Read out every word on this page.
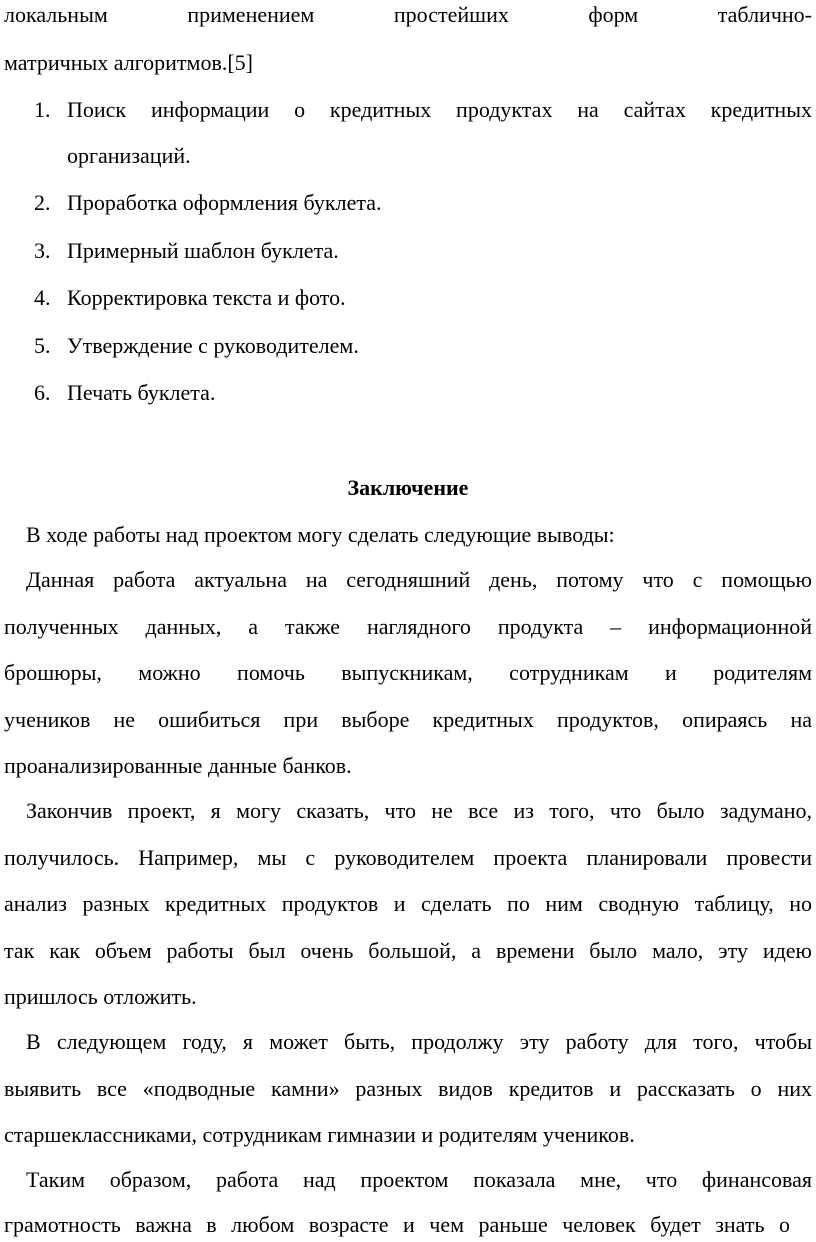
локальным применением простейших форм таблично-
матричных алгоритмов.[5]
1. Поиск информации о кредитных продуктах на сайтах кредитных
организаций.
2. Проработка оформления буклета.
3. Примерный шаблон буклета.
4. Корректировка текста и фото.
5. Утверждение с руководителем.
6. Печать буклета.
Заключение
В ходе работы над проектом могу сделать следующие выводы:
Данная работа актуальна на сегодняшний день, потому что с помощью
полученных данных, а также наглядного продукта – информационной
брошюры, можно помочь выпускникам, сотрудникам и родителям
учеников не ошибиться при выборе кредитных продуктов, опираясь на
проанализированные данные банков.
Закончив проект, я могу сказать, что не все из того, что было задумано,
получилось. Например, мы с руководителем проекта планировали провести
анализ разных кредитных продуктов и сделать по ним сводную таблицу, но
так как объем работы был очень большой, а времени было мало, эту идею
пришлось отложить.
В следующем году, я может быть, продолжу эту работу для того, чтобы
выявить все «подводные камни» разных видов кредитов и рассказать о них
старшеклассниками, сотрудникам гимназии и родителям учеников.
Таким образом, работа над проектом показала мне, что финансовая
грамотность важна в любом возрасте и чем раньше человек будет знать о
